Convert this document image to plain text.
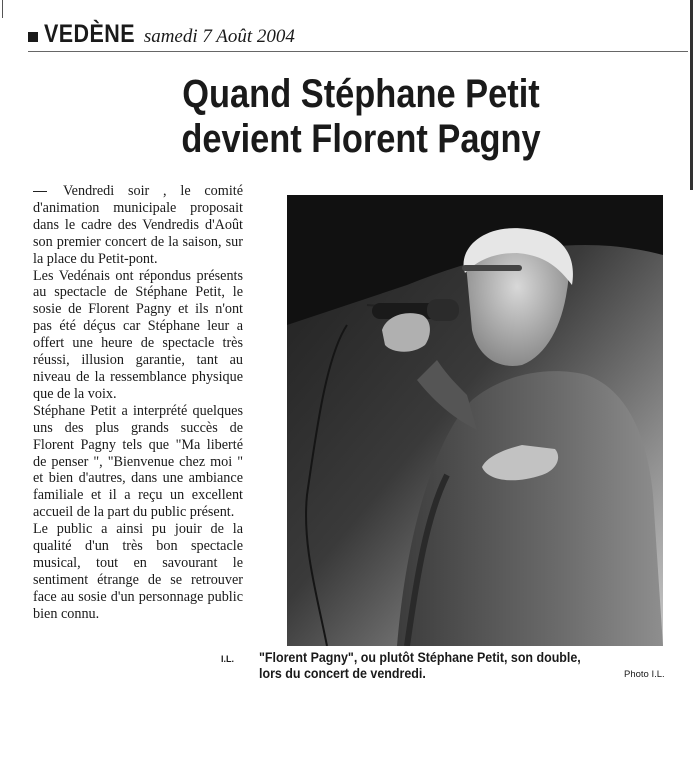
VEDÈNE samedi 7 Août 2004
Quand Stéphane Petit
devient Florent Pagny

Vendredi soir , le comité d'animation municipale proposait dans le cadre des Vendredis d'Août son premier concert de la saison, sur la place du Petit-pont.

Les Vedénais ont répondus présents au spectacle de Stéphane Petit, le sosie de Florent Pagny et ils n'ont pas été déçus car Stéphane leur a offert une heure de spectacle très réussi, illusion garantie, tant au niveau de la ressemblance physique que de la voix.

Stéphane Petit a interprété quelques uns des plus grands succès de Florent Pagny tels que "Ma liberté de penser ", "Bienvenue chez moi " et bien d'autres, dans une ambiance familiale et il a reçu un excellent accueil de la part du public présent.

Le public a ainsi pu jouir de la qualité d'un très bon spectacle musical, tout en savourant le sentiment étrange de se retrouver face au sosie d'un personnage public bien connu.

I.L. "Florent Pagny", ou plutôt Stéphane Petit, son double,
lors du concert de vendredi.	Photo I.L.
